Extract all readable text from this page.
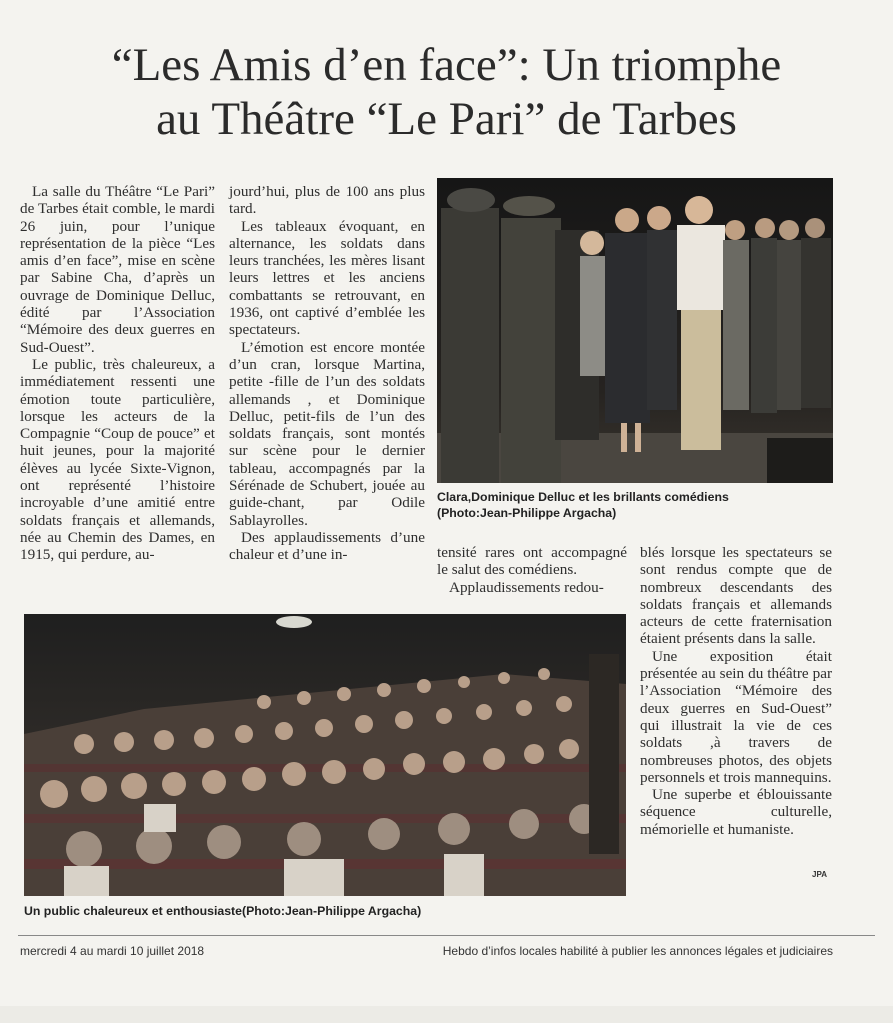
“Les Amis d’en face”: Un triomphe
au Théâtre “Le Pari” de Tarbes

La salle du Théâtre “Le Pari” de Tarbes était comble, le mardi 26 juin, pour l’unique représentation de la pièce “Les amis d’en face”, mise en scène par Sabine Cha, d’après un ouvrage de Dominique Delluc, édité par l’Association “Mémoire des deux guerres en Sud-Ouest”.

Le public, très chaleureux, a immédiatement ressenti une émotion toute particulière, lorsque les acteurs de la Compagnie “Coup de pouce” et huit jeunes, pour la majorité élèves au lycée Sixte-Vignon, ont représenté l’histoire incroyable d’une amitié entre soldats français et allemands, née au Chemin des Dames, en 1915, qui perdure, au-

jourd’hui, plus de 100 ans plus tard.

Les tableaux évoquant, en alternance, les soldats dans leurs tranchées, les mères lisant leurs lettres et les anciens combattants se retrouvant, en 1936, ont captivé d’emblée les spectateurs.

L’émotion est encore montée d’un cran, lorsque Martina, petite -fille de l’un des soldats allemands , et Dominique Delluc, petit-fils de l’un des soldats français, sont montés sur scène pour le dernier tableau, accompagnés par la Sérénade de Schubert, jouée au guide-chant, par Odile Sablayrolles.

Des applaudissements d’une chaleur et d’une in-

Clara,Dominique Delluc et les brillants comédiens
(Photo:Jean-Philippe Argacha)

tensité rares ont accompagné le salut des comédiens.

Applaudissements redou-

blés lorsque les spectateurs se sont rendus compte que de nombreux descendants des soldats français et allemands acteurs de cette fraternisation étaient présents dans la salle.

Une exposition était présentée au sein du théâtre par l’Association “Mémoire des deux guerres en Sud-Ouest” qui illustrait la vie de ces soldats ,à travers de nombreuses photos, des objets personnels et trois mannequins.

Une superbe et éblouissante séquence culturelle, mémorielle et humaniste.

JPA
Un public chaleureux et enthousiaste(Photo:Jean-Philippe Argacha)
mercredi 4 au mardi 10 juillet 2018	Hebdo d’infos locales habilité à publier les annonces légales et judiciaires
